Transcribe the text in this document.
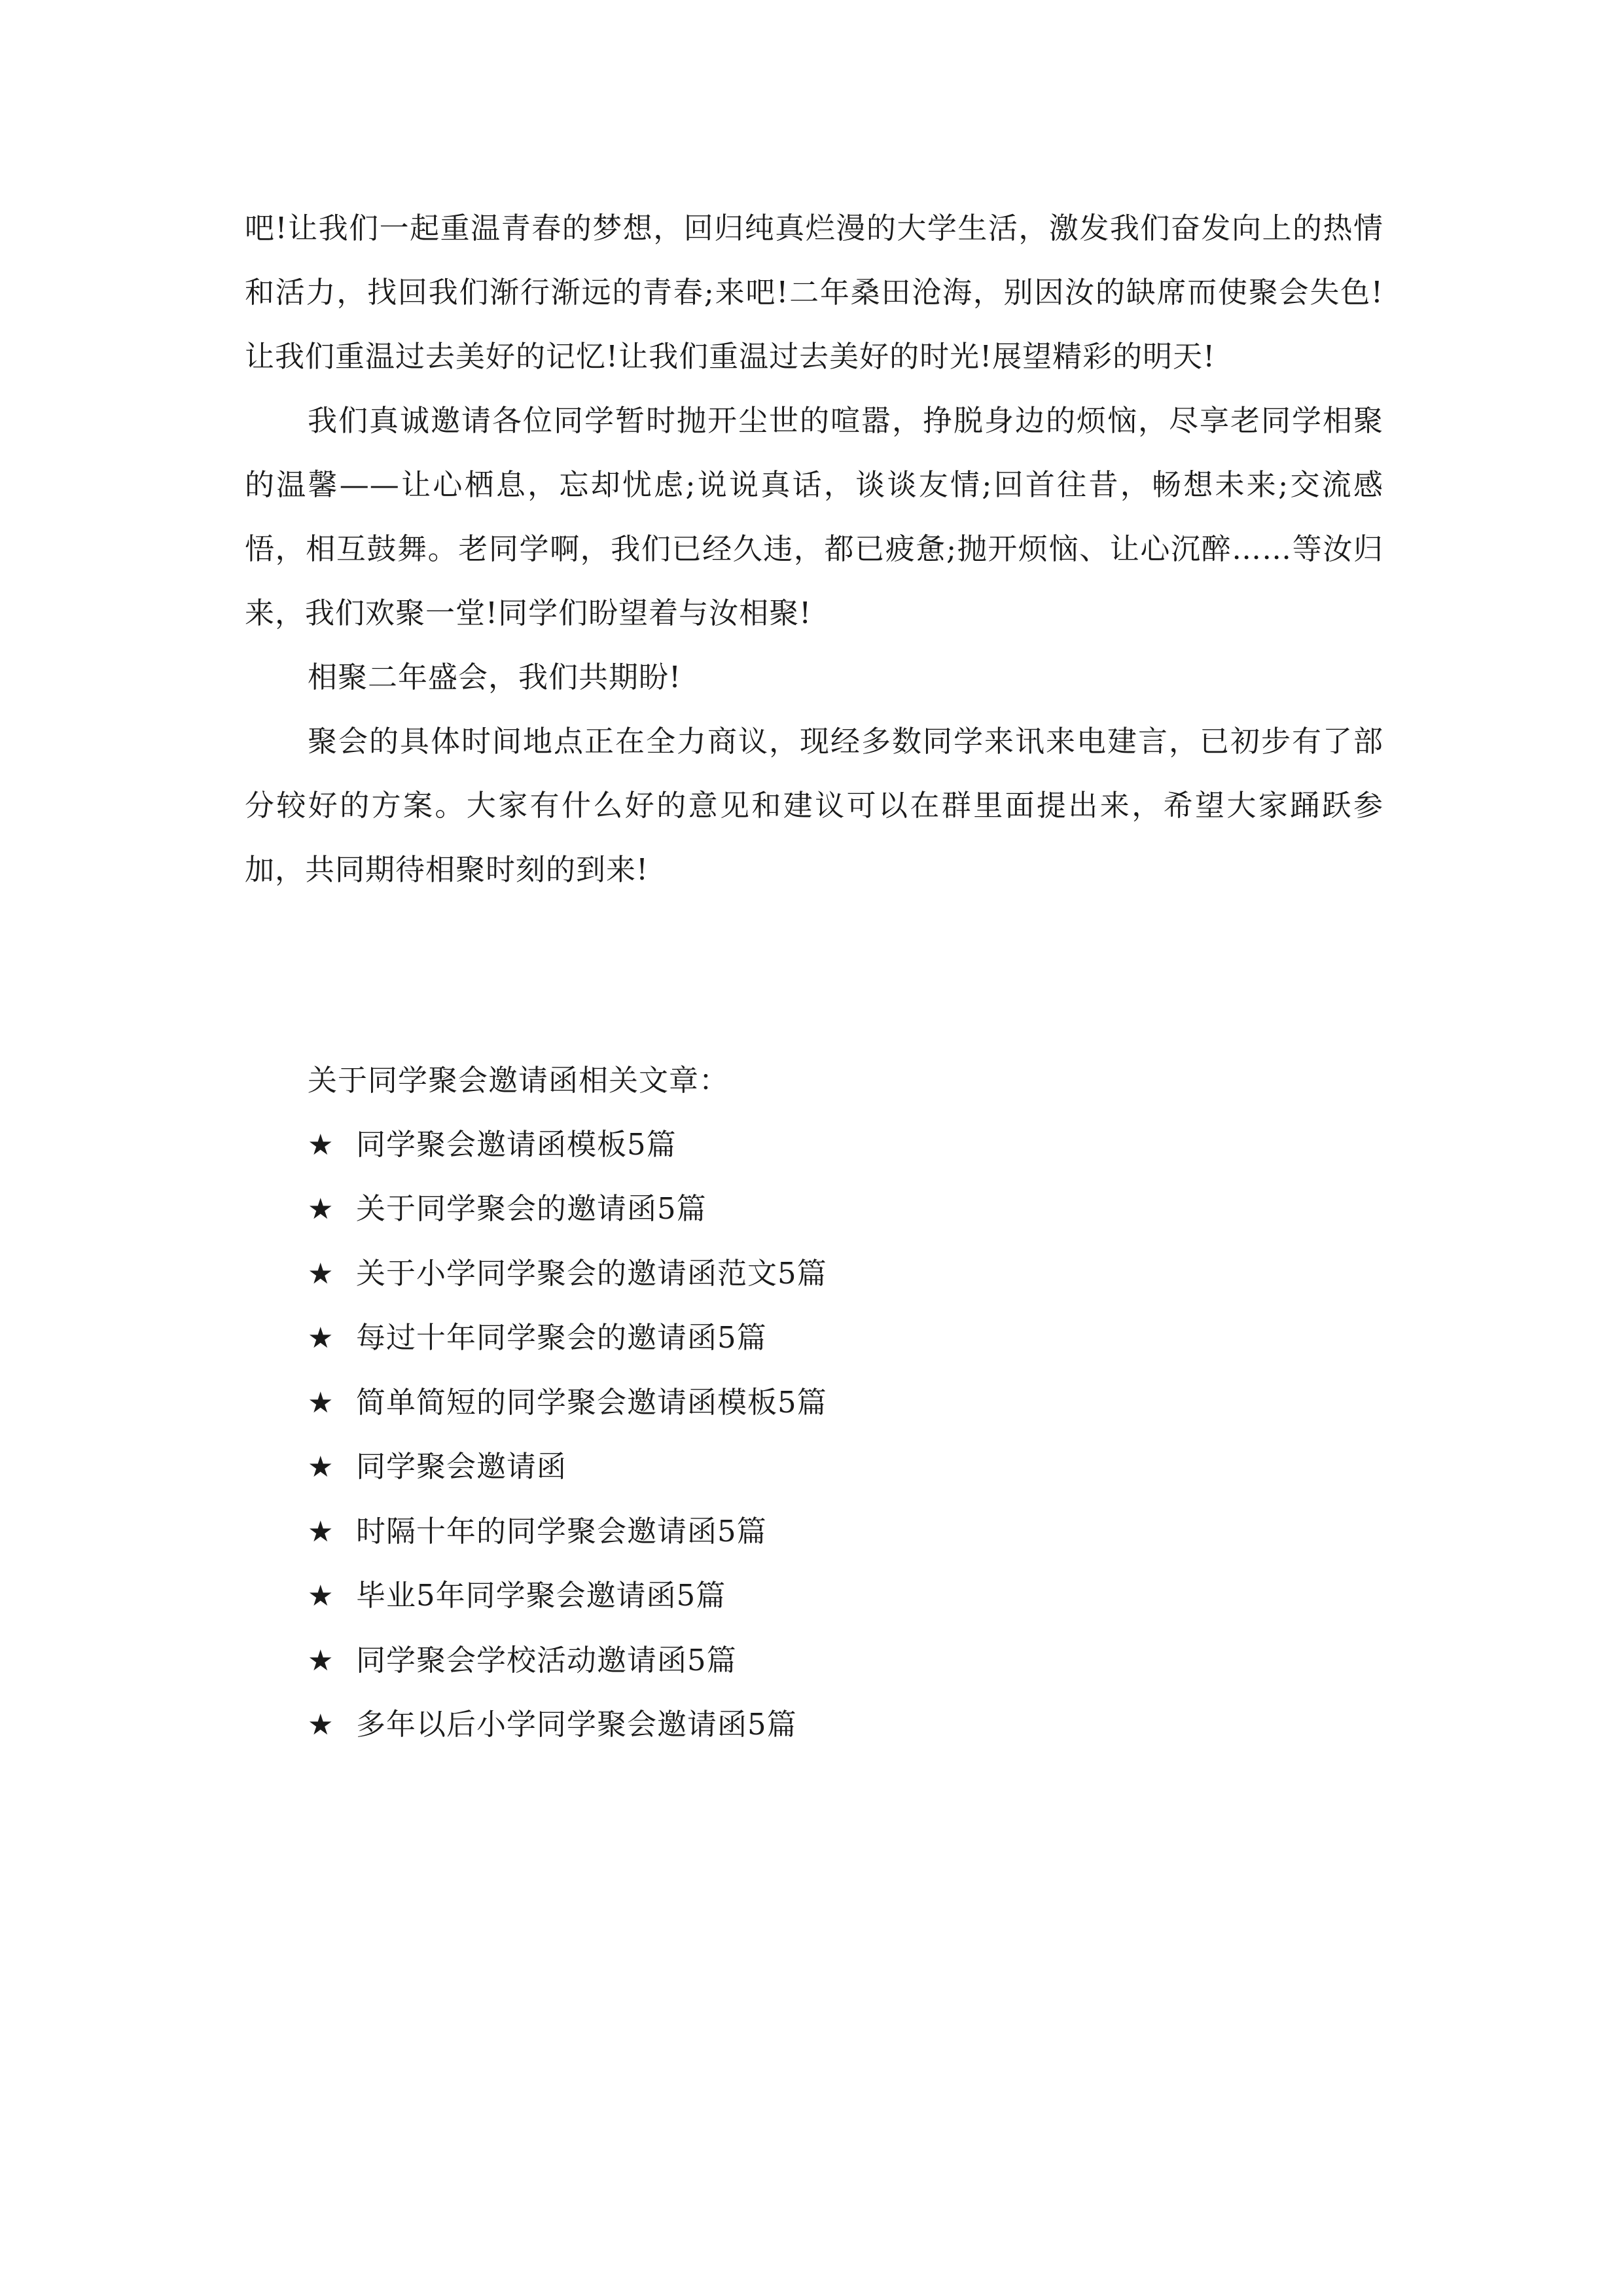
吧!让我们一起重温青春的梦想，回归纯真烂漫的大学生活，激发我们奋发向上的热情和活力，找回我们渐行渐远的青春;来吧!二年桑田沧海，别因汝的缺席而使聚会失色!让我们重温过去美好的记忆!让我们重温过去美好的时光!展望精彩的明天!

我们真诚邀请各位同学暂时抛开尘世的喧嚣，挣脱身边的烦恼，尽享老同学相聚的温馨——让心栖息，忘却忧虑;说说真话，谈谈友情;回首往昔，畅想未来;交流感悟，相互鼓舞。老同学啊，我们已经久违，都已疲惫;抛开烦恼、让心沉醉……等汝归来，我们欢聚一堂!同学们盼望着与汝相聚!

相聚二年盛会，我们共期盼!

聚会的具体时间地点正在全力商议，现经多数同学来讯来电建言，已初步有了部分较好的方案。大家有什么好的意见和建议可以在群里面提出来，希望大家踊跃参加，共同期待相聚时刻的到来!

关于同学聚会邀请函相关文章：
★ 同学聚会邀请函模板5篇
★ 关于同学聚会的邀请函5篇
★ 关于小学同学聚会的邀请函范文5篇
★ 每过十年同学聚会的邀请函5篇
★ 简单简短的同学聚会邀请函模板5篇
★ 同学聚会邀请函
★ 时隔十年的同学聚会邀请函5篇
★ 毕业5年同学聚会邀请函5篇
★ 同学聚会学校活动邀请函5篇
★ 多年以后小学同学聚会邀请函5篇
